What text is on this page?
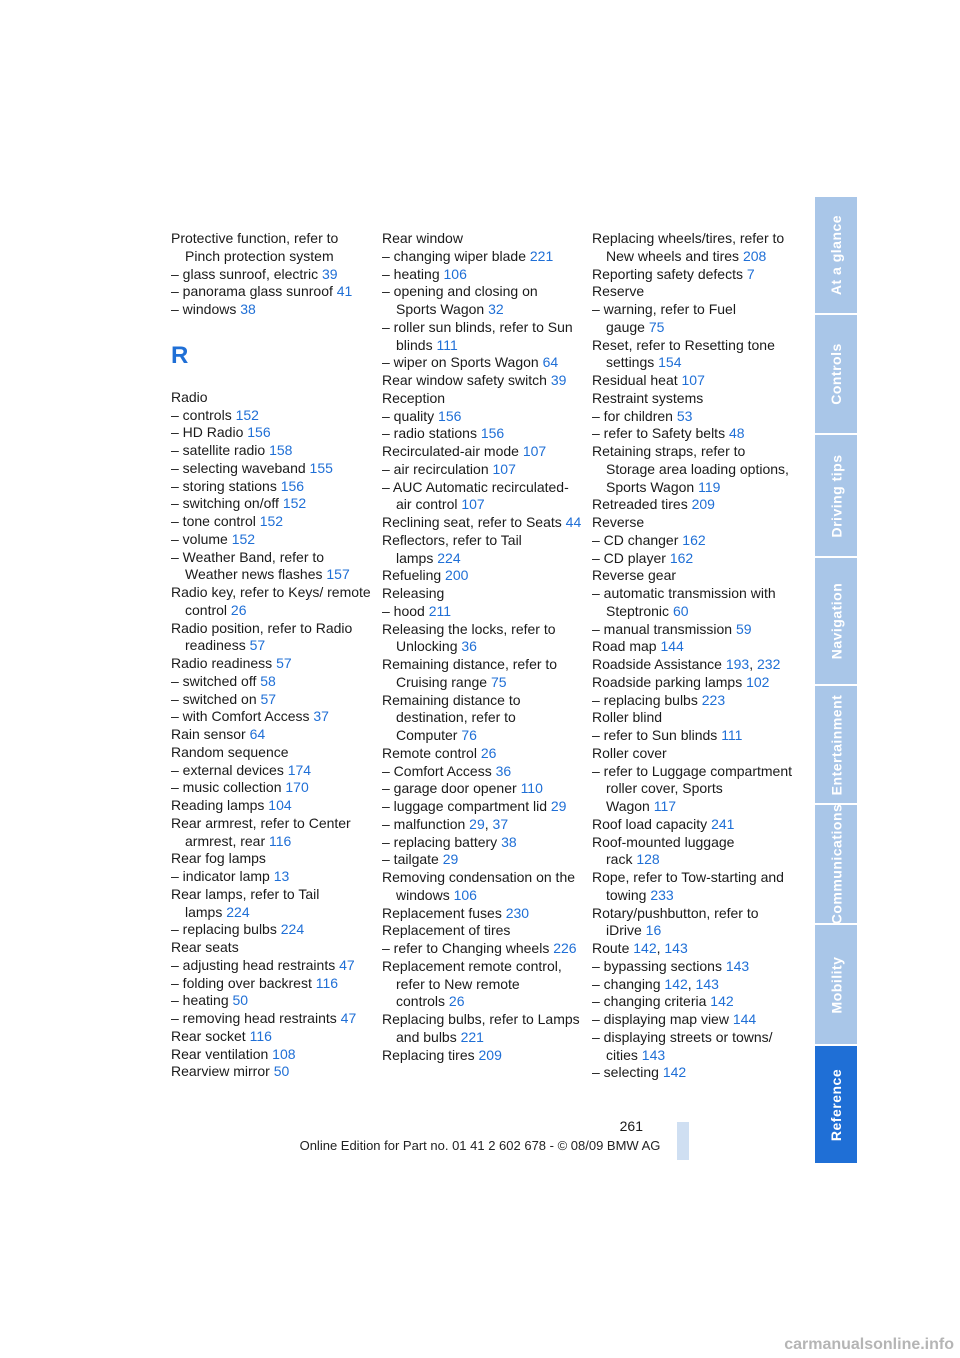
Protective function, refer to Pinch protection system
– glass sunroof, electric 39
– panorama glass sunroof 41
– windows 38
R
Radio
– controls 152
– HD Radio 156
– satellite radio 158
– selecting waveband 155
– storing stations 156
– switching on/off 152
– tone control 152
– volume 152
– Weather Band, refer to Weather news flashes 157
Radio key, refer to Keys/ remote control 26
Radio position, refer to Radio readiness 57
Radio readiness 57
– switched off 58
– switched on 57
– with Comfort Access 37
Rain sensor 64
Random sequence
– external devices 174
– music collection 170
Reading lamps 104
Rear armrest, refer to Center armrest, rear 116
Rear fog lamps
– indicator lamp 13
Rear lamps, refer to Tail lamps 224
– replacing bulbs 224
Rear seats
– adjusting head restraints 47
– folding over backrest 116
– heating 50
– removing head restraints 47
Rear socket 116
Rear ventilation 108
Rearview mirror 50
Rear window
– changing wiper blade 221
– heating 106
– opening and closing on Sports Wagon 32
– roller sun blinds, refer to Sun blinds 111
– wiper on Sports Wagon 64
Rear window safety switch 39
Reception
– quality 156
– radio stations 156
Recirculated-air mode 107
– air recirculation 107
– AUC Automatic recirculated-air control 107
Reclining seat, refer to Seats 44
Reflectors, refer to Tail lamps 224
Refueling 200
Releasing
– hood 211
Releasing the locks, refer to Unlocking 36
Remaining distance, refer to Cruising range 75
Remaining distance to destination, refer to Computer 76
Remote control 26
– Comfort Access 36
– garage door opener 110
– luggage compartment lid 29
– malfunction 29, 37
– replacing battery 38
– tailgate 29
Removing condensation on the windows 106
Replacement fuses 230
Replacement of tires
– refer to Changing wheels 226
Replacement remote control, refer to New remote controls 26
Replacing bulbs, refer to Lamps and bulbs 221
Replacing tires 209
Replacing wheels/tires, refer to New wheels and tires 208
Reporting safety defects 7
Reserve
– warning, refer to Fuel gauge 75
Reset, refer to Resetting tone settings 154
Residual heat 107
Restraint systems
– for children 53
– refer to Safety belts 48
Retaining straps, refer to Storage area loading options, Sports Wagon 119
Retreaded tires 209
Reverse
– CD changer 162
– CD player 162
Reverse gear
– automatic transmission with Steptronic 60
– manual transmission 59
Road map 144
Roadside Assistance 193, 232
Roadside parking lamps 102
– replacing bulbs 223
Roller blind
– refer to Sun blinds 111
Roller cover
– refer to Luggage compartment roller cover, Sports Wagon 117
Roof load capacity 241
Roof-mounted luggage rack 128
Rope, refer to Tow-starting and towing 233
Rotary/pushbutton, refer to iDrive 16
Route 142, 143
– bypassing sections 143
– changing 142, 143
– changing criteria 142
– displaying map view 144
– displaying streets or towns/ cities 143
– selecting 142
At a glance
Controls
Driving tips
Navigation
Entertainment
Communications
Mobility
Reference
261
Online Edition for Part no. 01 41 2 602 678 - © 08/09 BMW AG
carmanualsonline.info
